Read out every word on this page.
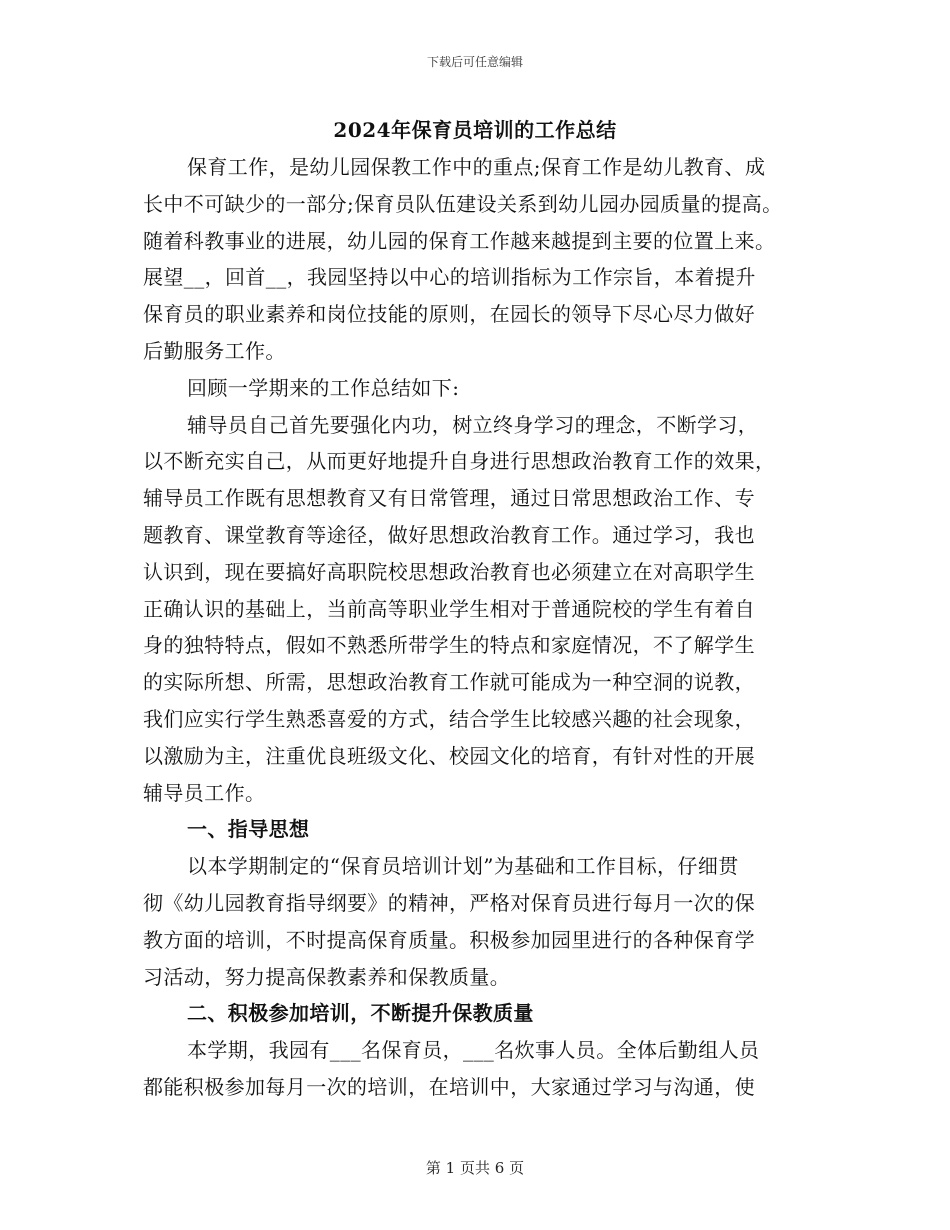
下载后可任意编辑
2024年保育员培训的工作总结
保育工作，是幼儿园保教工作中的重点;保育工作是幼儿教育、成
长中不可缺少的一部分;保育员队伍建设关系到幼儿园办园质量的提高。
随着科教事业的进展，幼儿园的保育工作越来越提到主要的位置上来。
展望__，回首__，我园坚持以中心的培训指标为工作宗旨，本着提升
保育员的职业素养和岗位技能的原则，在园长的领导下尽心尽力做好
后勤服务工作。
回顾一学期来的工作总结如下:
辅导员自己首先要强化内功，树立终身学习的理念，不断学习，
以不断充实自己，从而更好地提升自身进行思想政治教育工作的效果，
辅导员工作既有思想教育又有日常管理，通过日常思想政治工作、专
题教育、课堂教育等途径，做好思想政治教育工作。通过学习，我也
认识到，现在要搞好高职院校思想政治教育也必须建立在对高职学生
正确认识的基础上，当前高等职业学生相对于普通院校的学生有着自
身的独特特点，假如不熟悉所带学生的特点和家庭情况，不了解学生
的实际所想、所需，思想政治教育工作就可能成为一种空洞的说教，
我们应实行学生熟悉喜爱的方式，结合学生比较感兴趣的社会现象，
以激励为主，注重优良班级文化、校园文化的培育，有针对性的开展
辅导员工作。
一、指导思想
以本学期制定的“保育员培训计划”为基础和工作目标，仔细贯
彻《幼儿园教育指导纲要》的精神，严格对保育员进行每月一次的保
教方面的培训，不时提高保育质量。积极参加园里进行的各种保育学
习活动，努力提高保教素养和保教质量。
二、积极参加培训，不断提升保教质量
本学期，我园有___名保育员，___名炊事人员。全体后勤组人员
都能积极参加每月一次的培训，在培训中，大家通过学习与沟通，使
第 1 页共 6 页
